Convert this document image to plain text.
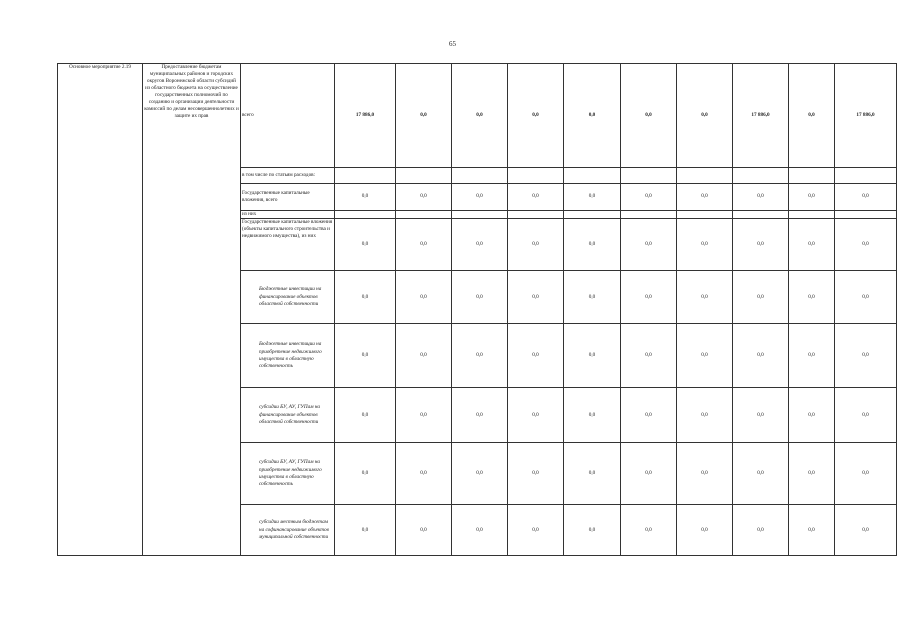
65
Основное мероприятие 2.19	Предоставление бюджетам муниципальных районов и городских округов Воронежской области субсидий из областного бюджета на осуществление государственных полномочий по созданию и организации деятельности комиссий по делам несовершеннолетних и защите их прав	всего	17 886,0	0,0	0,0	0,0	0,0	0,0	0,0	17 886,0	0,0	17 886,0
		в том числе по статьям расходов:										
		Государственные капитальные вложения, всего	0,0	0,0	0,0	0,0	0,0	0,0	0,0	0,0	0,0	0,0
		из них										
		Государственные капитальные вложения (объекты капитального строительства и недвижимого имущества), из них	0,0	0,0	0,0	0,0	0,0	0,0	0,0	0,0	0,0	0,0
		Бюджетные инвестиции на финансирование объектов областной собственности	0,0	0,0	0,0	0,0	0,0	0,0	0,0	0,0	0,0	0,0
		Бюджетные инвестиции на приобретение недвижимого имущества в областную собственность	0,0	0,0	0,0	0,0	0,0	0,0	0,0	0,0	0,0	0,0
		субсидии БУ, АУ, ГУПам на финансирование объектов областной собственности	0,0	0,0	0,0	0,0	0,0	0,0	0,0	0,0	0,0	0,0
		субсидии БУ, АУ, ГУПам на приобретение недвижимого имущества в областную собственность	0,0	0,0	0,0	0,0	0,0	0,0	0,0	0,0	0,0	0,0
		субсидии местным бюджетам на софинансирование объектов муниципальной собственности	0,0	0,0	0,0	0,0	0,0	0,0	0,0	0,0	0,0	0,0
